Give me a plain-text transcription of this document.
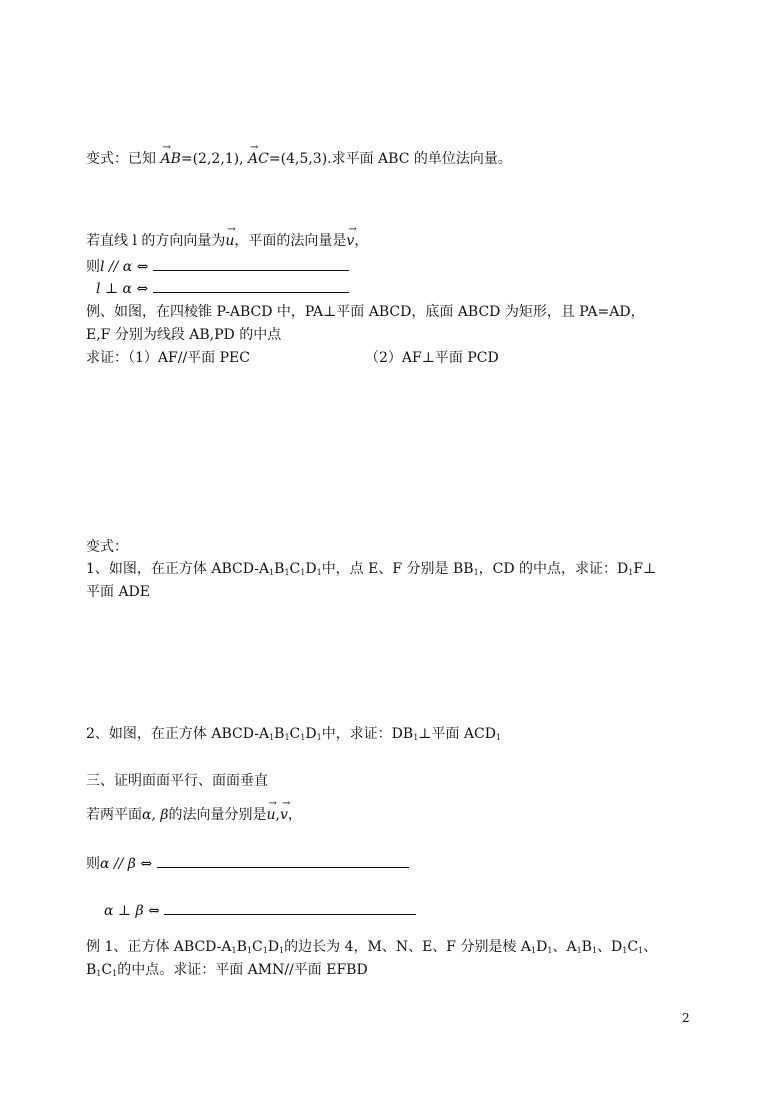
变式：已知 → AB=(2,2,1), → AC=(4,5,3).求平面 ABC 的单位法向量。
若直线 l 的方向向量为→ u，平面的法向量是→ v，
则l // α ⇔
l ⊥ α ⇔
例、如图，在四棱锥 P-ABCD 中，PA⊥平面 ABCD，底面 ABCD 为矩形，且 PA=AD，
E,F 分别为线段 AB,PD 的中点
求证：（1）AF//平面 PEC	（2）AF⊥平面 PCD
变式：
1、如图，在正方体 ABCD-$A_1B_1C_1D_1$中，点 E、F 分别是 $BB_1$，CD 的中点，求证：$D_1F\perp$
平面 ADE
2、如图，在正方体 ABCD-$A_1B_1C_1D_1$中，求证：$DB_1\perp$平面 $ACD_1$
三、证明面面平行、面面垂直
若两平面α, β的法向量分别是→ u,→ v，
则α // β ⇔
α ⊥ β ⇔
例 1、正方体 ABCD-$A_1B_1C_1D_1$的边长为 4，M、N、E、F 分别是棱 $A_1D_1$、$A_1B_1$、$D_1C_1$、
$B_1C_1$的中点。求证：平面 AMN//平面 EFBD
2
